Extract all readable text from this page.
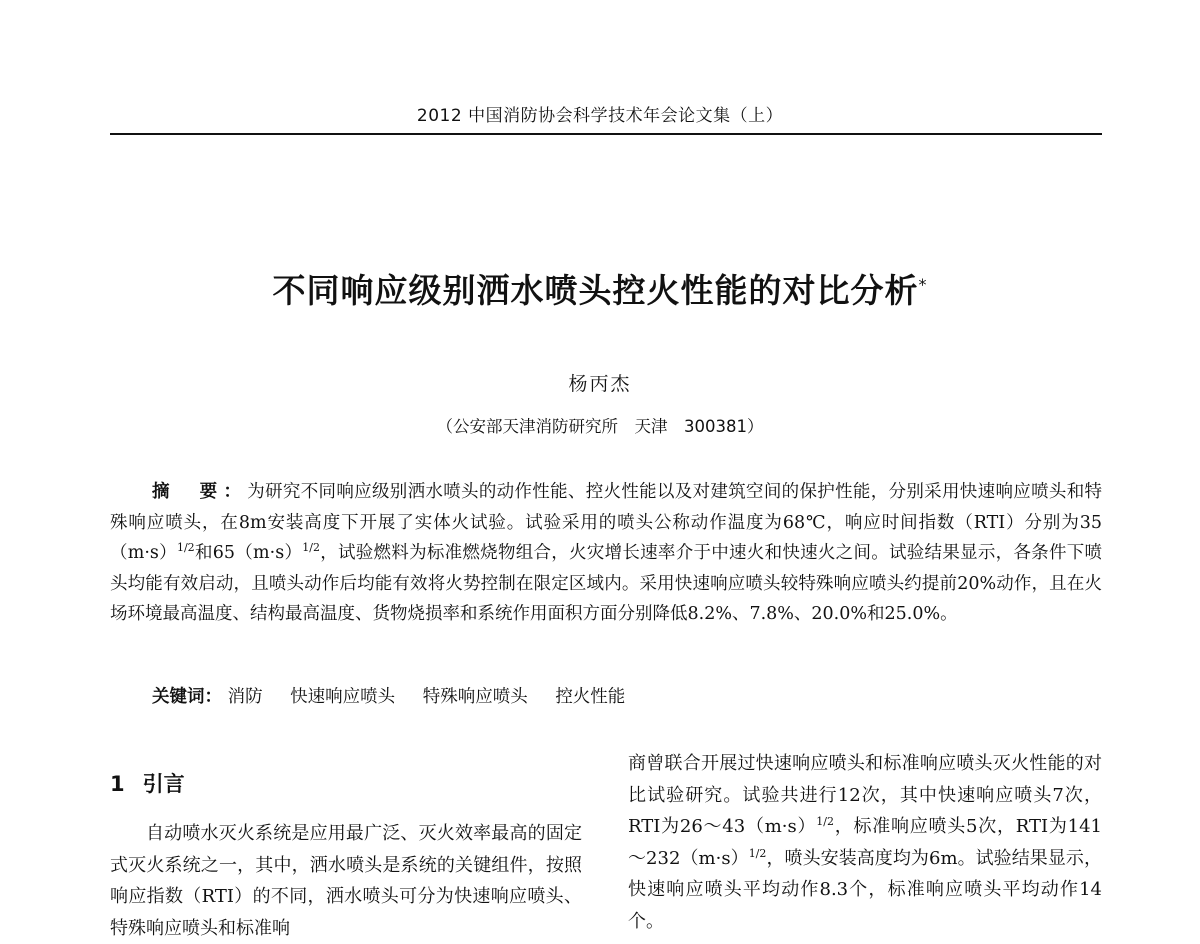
2012 中国消防协会科学技术年会论文集（上）
不同响应级别洒水喷头控火性能的对比分析*
杨丙杰
（公安部天津消防研究所　天津　300381）

摘　要：为研究不同响应级别洒水喷头的动作性能、控火性能以及对建筑空间的保护性能，分别采用快速响应喷头和特殊响应喷头，在8m安装高度下开展了实体火试验。试验采用的喷头公称动作温度为68℃，响应时间指数（RTI）分别为$35(m\cdot s)^{1/2}$和$65(m\cdot s)^{1/2}$，试验燃料为标准燃烧物组合，火灾增长速率介于中速火和快速火之间。试验结果显示，各条件下喷头均能有效启动，且喷头动作后均能有效将火势控制在限定区域内。采用快速响应喷头较特殊响应喷头约提前20%动作，且在火场环境最高温度、结构最高温度、货物烧损率和系统作用面积方面分别降低8.2%、7.8%、20.0%和25.0%。

关键词： 消防 快速响应喷头 特殊响应喷头 控火性能
1 引言

自动喷水灭火系统是应用最广泛、灭火效率最高的固定式灭火系统之一，其中，洒水喷头是系统的关键组件，按照响应指数（RTI）的不同，洒水喷头可分为快速响应喷头、特殊响应喷头和标准响

商曾联合开展过快速响应喷头和标准响应喷头灭火性能的对比试验研究。试验共进行12次，其中快速响应喷头7次，RTI为$26\sim 43(m\cdot s)^{1/2}$，标准响应喷头5次，RTI为$141\sim 232(m\cdot s)^{1/2}$，喷头安装高度均为6m。试验结果显示，快速响应喷头平均动作8.3个，标准响应喷头平均动作14个。
